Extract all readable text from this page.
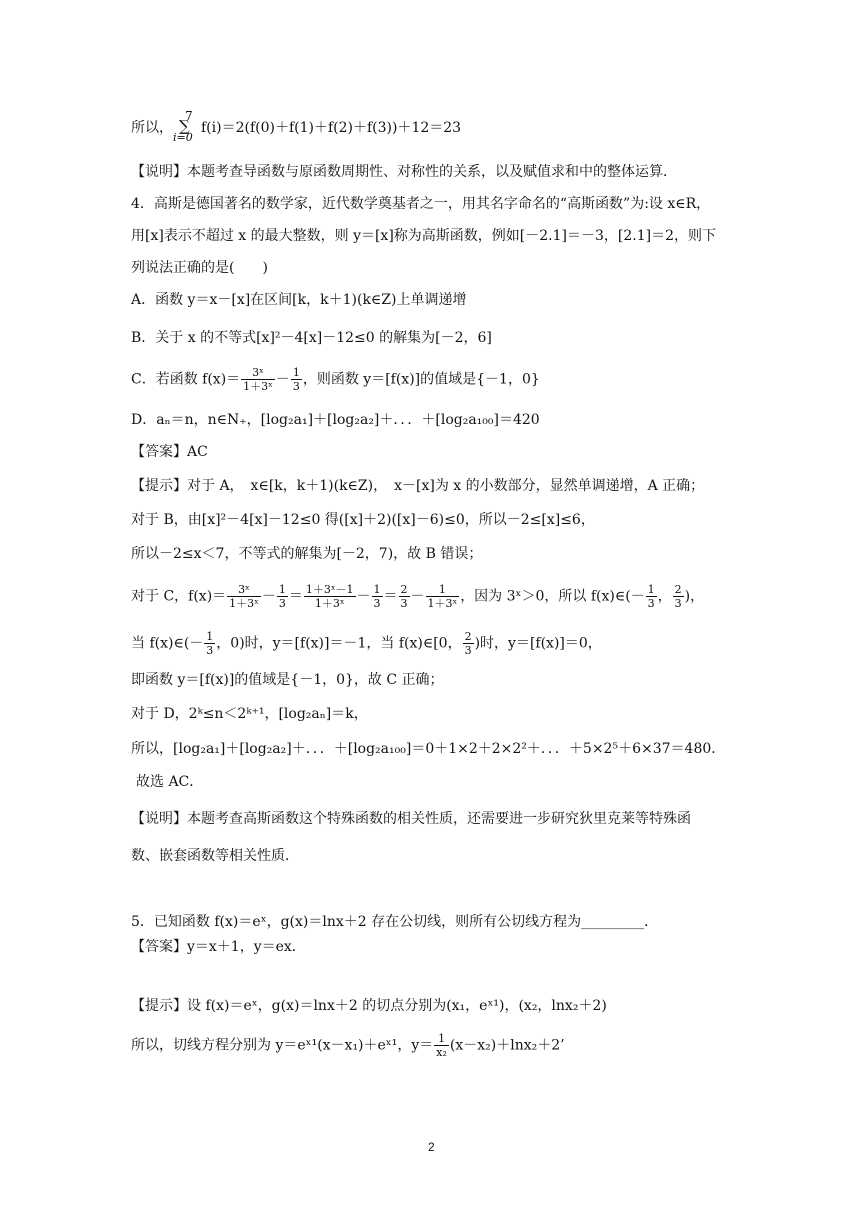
所以，
7
∑
i=0
f(i)＝2(f(0)＋f(1)＋f(2)＋f(3))＋12＝23
【说明】本题考查导函数与原函数周期性、对称性的关系，以及赋值求和中的整体运算．
4．高斯是德国著名的数学家，近代数学奠基者之一，用其名字命名的“高斯函数”为:设 x∈R，
用[x]表示不超过 x 的最大整数，则 y＝[x]称为高斯函数，例如[－2.1]＝－3，[2.1]＝2，则下
列说法正确的是(　　)
A．函数 y＝x－[x]在区间[k，k＋1)(k∈Z)上单调递增
B．关于 x 的不等式[x]²－4[x]－12≤0 的解集为[－2，6]
C．若函数 $f(x)= \frac{\text{3ˣ}}{\text{1＋3ˣ}} - \frac{1}{3}$ ，则函数 y＝[f(x)]的值域是{－1，0}
D．aₙ＝n，n∈N₊，[log₂a₁]＋[log₂a₂]＋．．．＋[log₂a₁₀₀]＝420
【答案】AC
【提示】对于 A，　x∈[k，k＋1)(k∈Z)，　x－[x]为 x 的小数部分，显然单调递增，A 正确；
对于 B，由[x]²－4[x]－12≤0 得([x]＋2)([x]－6)≤0，所以－2≤[x]≤6，
所以－2≤x＜7，不等式的解集为[－2，7)，故 B 错误；
对于 C，$f(x)= \frac{\text{3ˣ}}{\text{1＋3ˣ}} - \frac{1}{3} = \frac{\text{1＋3ˣ－1}}{\text{1＋3ˣ}} - \frac{1}{3} = \frac{2}{3} - \frac{1}{\text{1＋3ˣ}}$ ，因为 3ˣ＞0，所以 f(x)∈(－ $\frac{1}{3}$ ， $\frac{2}{3}$ )，
当 f(x)∈(－ $\frac{1}{3}$ ，0)时，y＝[f(x)]＝－1，当 f(x)∈[0， $\frac{2}{3}$ )时，y＝[f(x)]＝0，
即函数 y＝[f(x)]的值域是{－1，0}，故 C 正确；
对于 D，2ᵏ≤n＜2ᵏ⁺¹，[log₂aₙ]＝k，
所以，[log₂a₁]＋[log₂a₂]＋．．．＋[log₂a₁₀₀]＝0＋1×2＋2×2²＋．．．＋5×2⁵＋6×37＝480．
故选 AC．
【说明】本题考查高斯函数这个特殊函数的相关性质，还需要进一步研究狄里克莱等特殊函
数、嵌套函数等相关性质．
5．已知函数 f(x)＝eˣ，g(x)＝lnx＋2 存在公切线，则所有公切线方程为_________．
【答案】y＝x＋1，y＝ex．
【提示】设 f(x)＝eˣ，g(x)＝lnx＋2 的切点分别为(x₁，eˣ¹)，(x₂，lnx₂＋2)
所以，切线方程分别为 y＝eˣ¹(x－x₁)＋eˣ¹，$y= \frac{1}{\text{x₂}} (x-x_2)+\ln x_2+2$’
2
